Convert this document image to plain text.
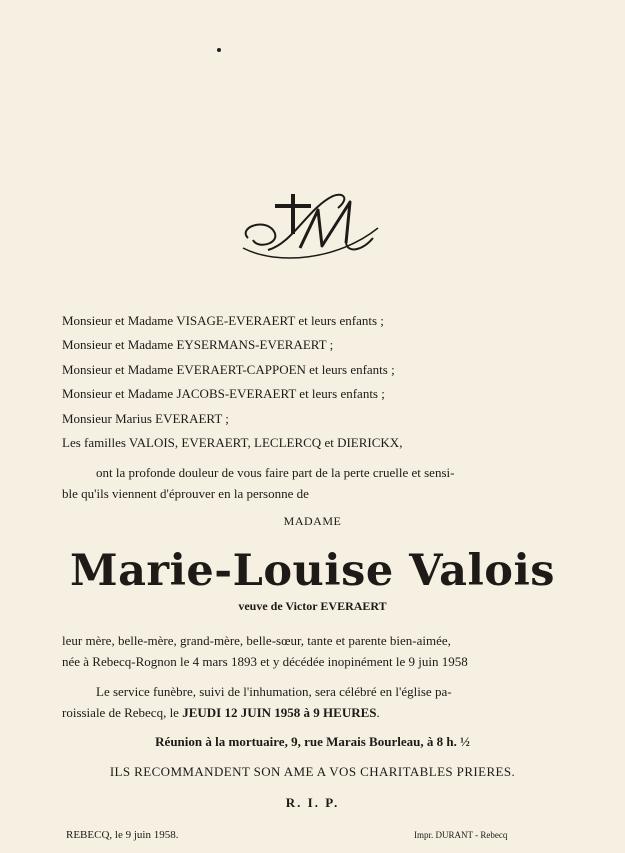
M
Monsieur et Madame VISAGE-EVERAERT et leurs enfants ;
Monsieur et Madame EYSERMANS-EVERAERT ;
Monsieur et Madame EVERAERT-CAPPOEN et leurs enfants ;
Monsieur et Madame JACOBS-EVERAERT et leurs enfants ;
Monsieur Marius EVERAERT ;
Les familles VALOIS, EVERAERT, LECLERCQ et DIERICKX,
ont la profonde douleur de vous faire part de la perte cruelle et sensi-
ble qu'ils viennent d'éprouver en la personne de
MADAME
Marie-Louise Valois
veuve de Victor EVERAERT
leur mère, belle-mère, grand-mère, belle-sœur, tante et parente bien-aimée,
née à Rebecq-Rognon le 4 mars 1893 et y décédée inopinément le 9 juin 1958
Le service funèbre, suivi de l'inhumation, sera célébré en l'église pa-
roissiale de Rebecq, le JEUDI 12 JUIN 1958 à 9 HEURES.
Réunion à la mortuaire, 9, rue Marais Bourleau, à 8 h. ½
ILS RECOMMANDENT SON AME A VOS CHARITABLES PRIERES.
R. I. P.
REBECQ, le 9 juin 1958.	Impr. DURANT - Rebecq
